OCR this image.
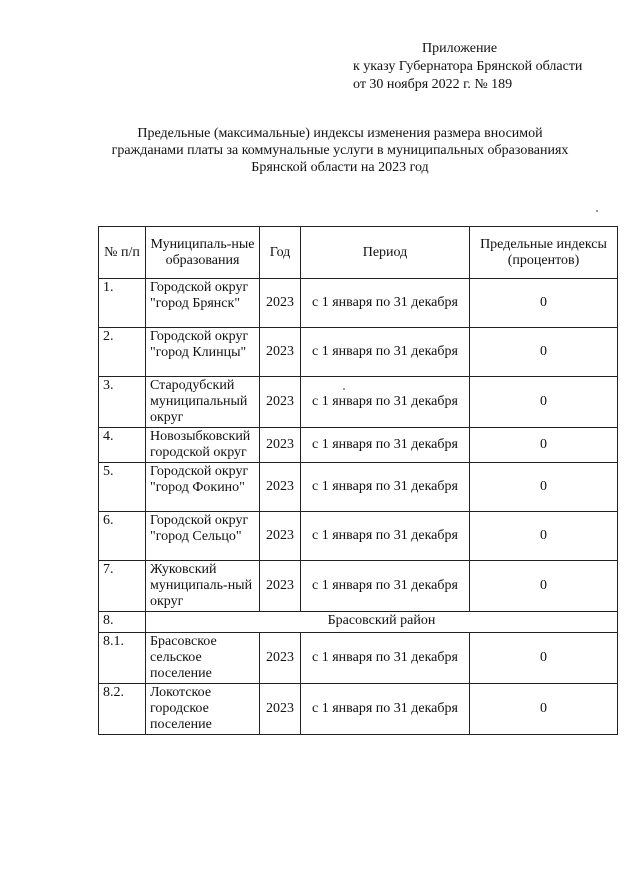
Приложение
к указу Губернатора Брянской области
от 30 ноября 2022 г. № 189
Предельные (максимальные) индексы изменения размера вносимой
гражданами платы за коммунальные услуги в муниципальных образованиях
Брянской области на 2023 год
№ п/п	Муниципаль-ные образования	Год	Период	Предельные индексы (процентов)
1.	Городской округ "город Брянск"	2023	с 1 января по 31 декабря	0
2.	Городской округ "город Клинцы"	2023	с 1 января по 31 декабря	0
3.	Стародубский муниципальный округ	2023	с 1 января по 31 декабря	0
4.	Новозыбковский городской округ	2023	с 1 января по 31 декабря	0
5.	Городской округ "город Фокино"	2023	с 1 января по 31 декабря	0
6.	Городской округ "город Сельцо"	2023	с 1 января по 31 декабря	0
7.	Жуковский муниципаль-ный округ	2023	с 1 января по 31 декабря	0
8.	Брасовский район			
8.1.	Брасовское сельское поселение	2023	с 1 января по 31 декабря	0
8.2.	Локотское городское поселение	2023	с 1 января по 31 декабря	0
